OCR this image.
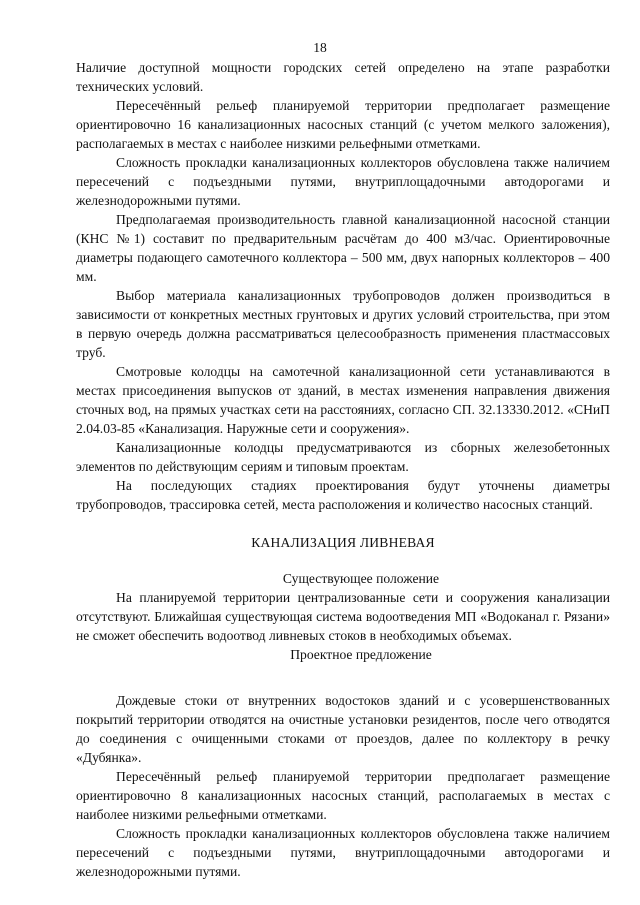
18

Наличие доступной мощности городских сетей определено на этапе разработки технических условий.

Пересечённый рельеф планируемой территории предполагает размещение ориентировочно 16 канализационных насосных станций (с учетом мелкого заложения), располагаемых в местах с наиболее низкими рельефными отметками.

Сложность прокладки канализационных коллекторов обусловлена также наличием пересечений с подъездными путями, внутриплощадочными автодорогами и железнодорожными путями.

Предполагаемая производительность главной канализационной насосной станции (КНС №1) составит по предварительным расчётам до 400 м3/час. Ориентировочные диаметры подающего самотечного коллектора – 500 мм, двух напорных коллекторов – 400 мм.

Выбор материала канализационных трубопроводов должен производиться в зависимости от конкретных местных грунтовых и других условий строительства, при этом в первую очередь должна рассматриваться целесообразность применения пластмассовых труб.

Смотровые колодцы на самотечной канализационной сети устанавливаются в местах присоединения выпусков от зданий, в местах изменения направления движения сточных вод, на прямых участках сети на расстояниях, согласно СП. 32.13330.2012. «СНиП 2.04.03-85 «Канализация. Наружные сети и сооружения».

Канализационные колодцы предусматриваются из сборных железобетонных элементов по действующим сериям и типовым проектам.

На последующих стадиях проектирования будут уточнены диаметры трубопроводов, трассировка сетей, места расположения и количество насосных станций.

КАНАЛИЗАЦИЯ ЛИВНЕВАЯ

Существующее положение

На планируемой территории централизованные сети и сооружения канализации отсутствуют. Ближайшая существующая система водоотведения МП «Водоканал г. Рязани» не сможет обеспечить водоотвод ливневых стоков в необходимых объемах.

Проектное предложение

Дождевые стоки от внутренних водостоков зданий и с усовершенствованных покрытий территории отводятся на очистные установки резидентов, после чего отводятся до соединения с очищенными стоками от проездов, далее по коллектору в речку «Дубянка».

Пересечённый рельеф планируемой территории предполагает размещение ориентировочно 8 канализационных насосных станций, располагаемых в местах с наиболее низкими рельефными отметками.

Сложность прокладки канализационных коллекторов обусловлена также наличием пересечений с подъездными путями, внутриплощадочными автодорогами и железнодорожными путями.
